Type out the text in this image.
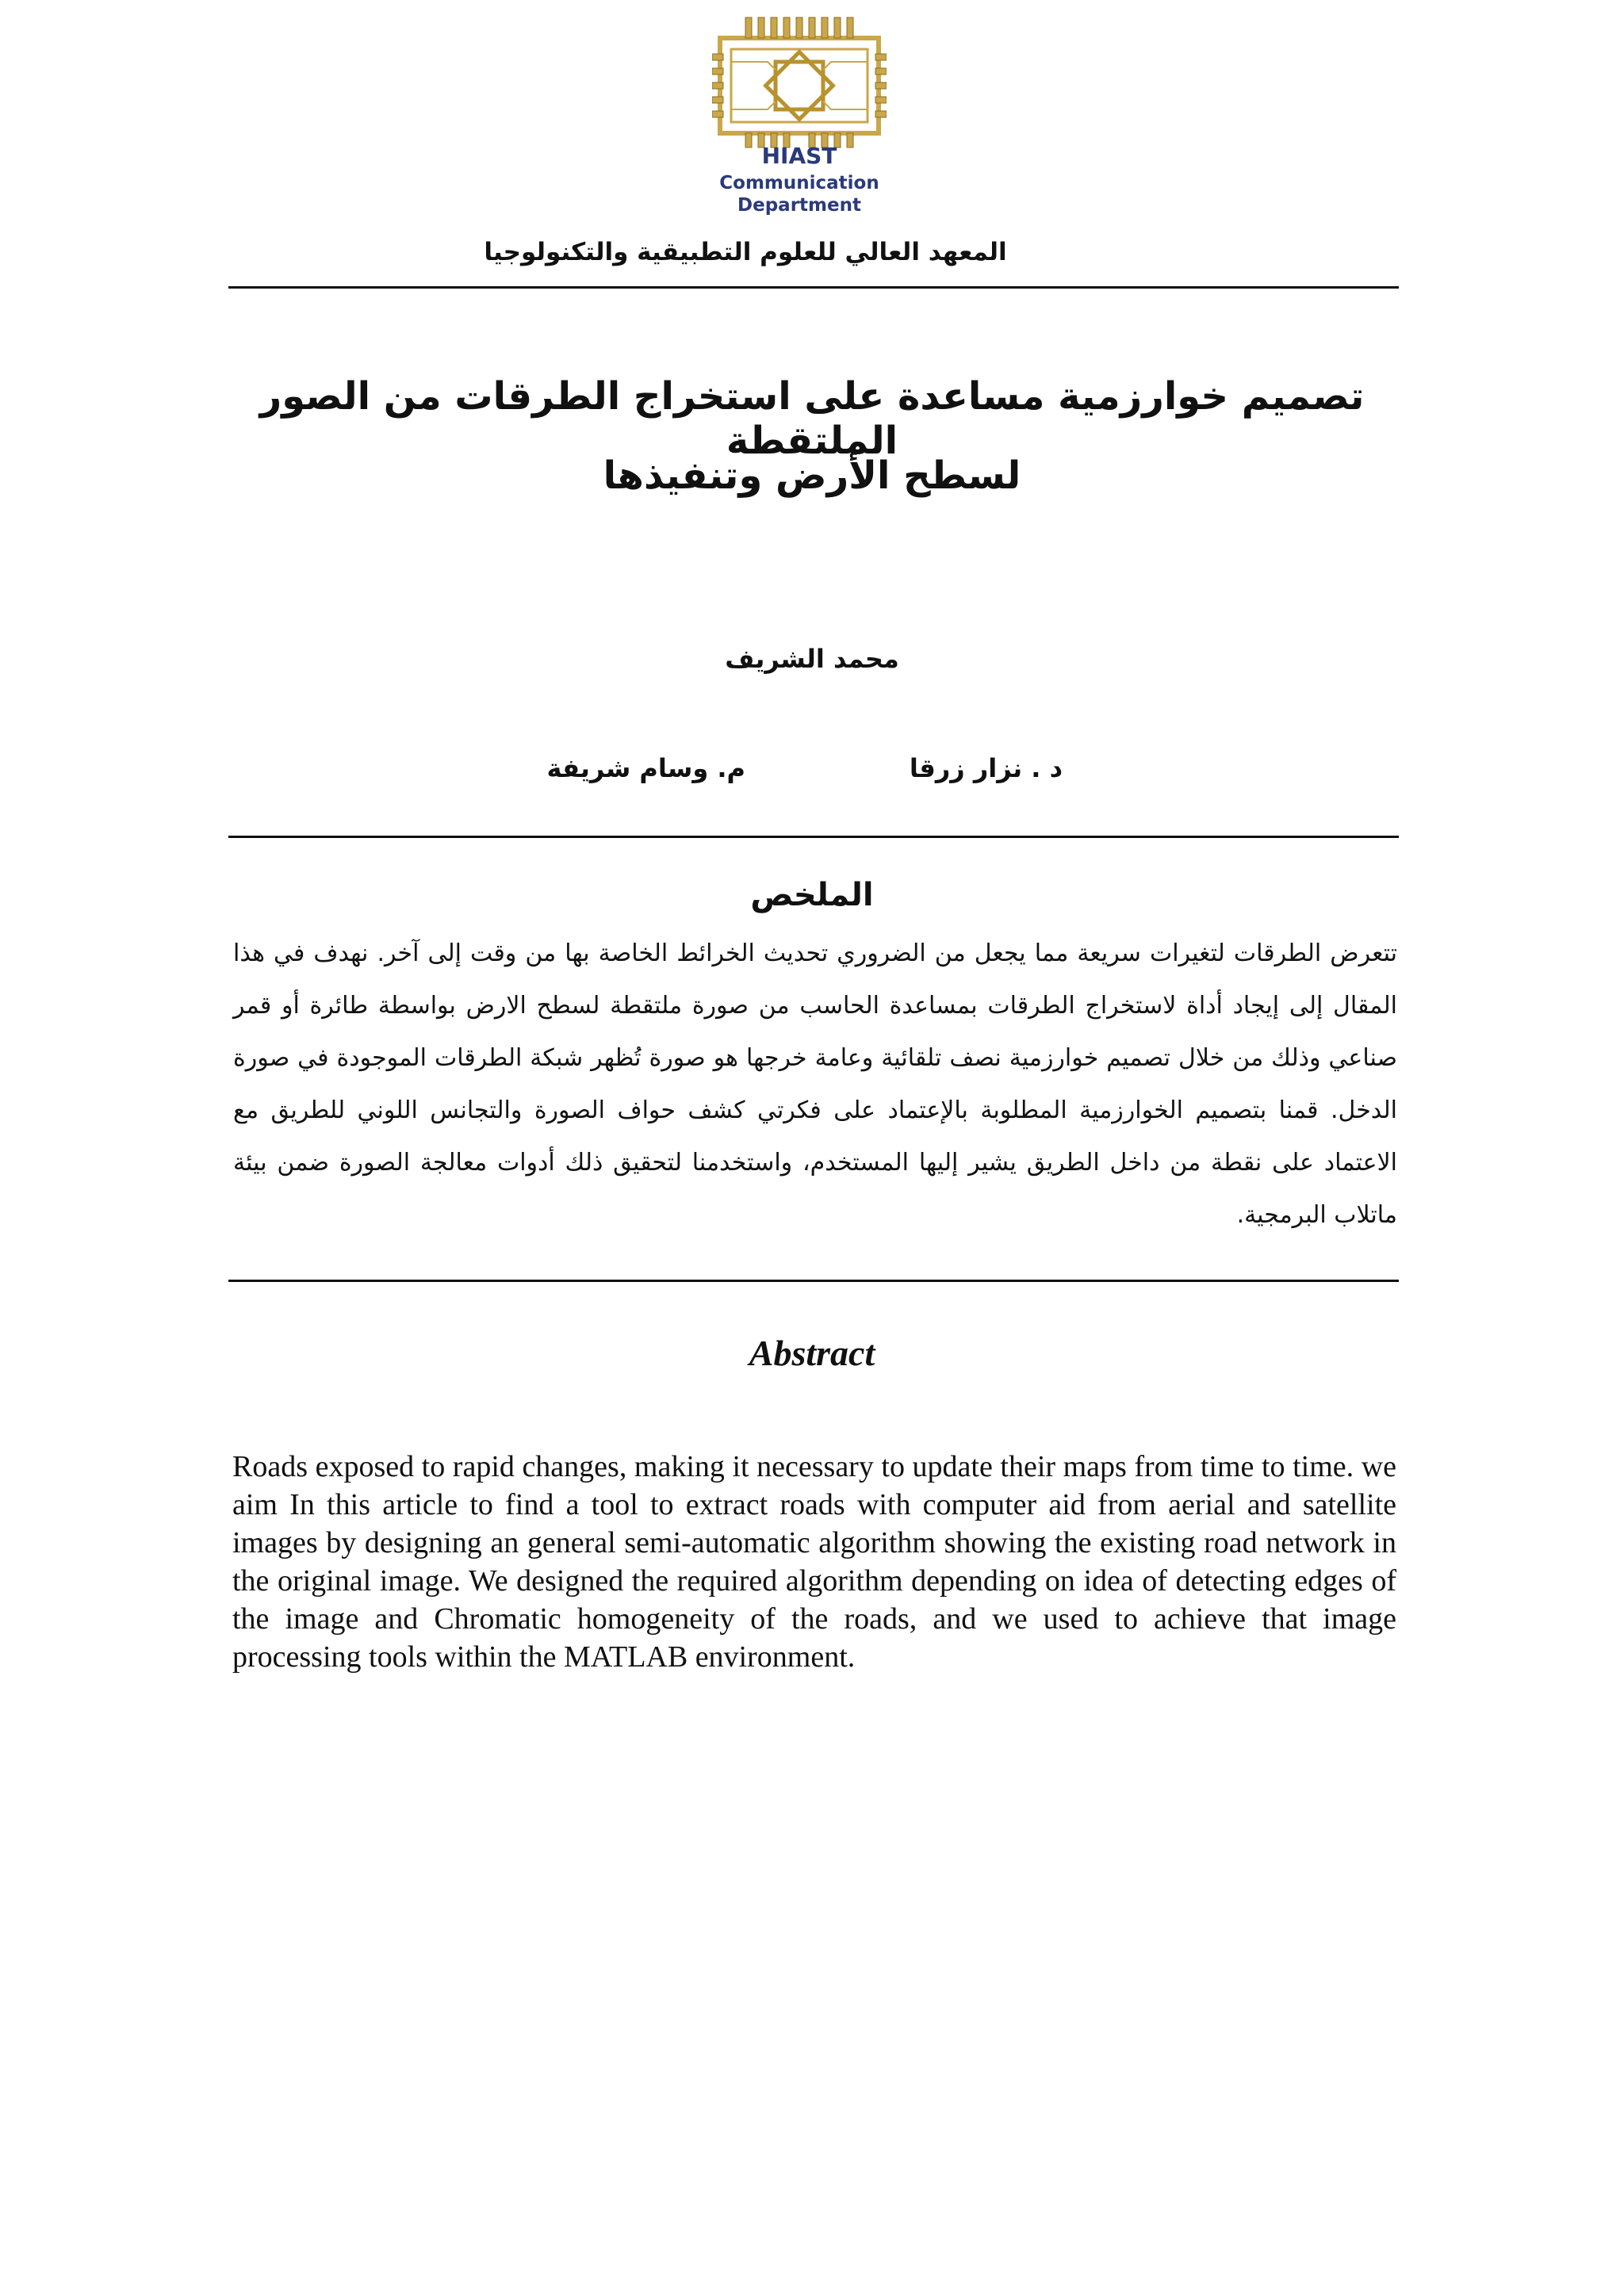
HIAST
Communication
Department
المعهد العالي للعلوم التطبيقية والتكنولوجيا
تصميم خوارزمية مساعدة على استخراج الطرقات من الصور الملتقطة
لسطح الأرض وتنفيذها
محمد الشريف
د . نزار زرقا
م. وسام شريفة
الملخص
تتعرض الطرقات لتغيرات سريعة مما يجعل من الضروري تحديث الخرائط الخاصة بها من وقت إلى آخر. نهدف في هذا المقال إلى إيجاد أداة لاستخراج الطرقات بمساعدة الحاسب من صورة ملتقطة لسطح الارض بواسطة طائرة أو قمر صناعي وذلك من خلال تصميم خوارزمية نصف تلقائية وعامة خرجها هو صورة تُظهر شبكة الطرقات الموجودة في صورة الدخل. قمنا بتصميم الخوارزمية المطلوبة بالإعتماد على فكرتي كشف حواف الصورة والتجانس اللوني للطريق مع الاعتماد على نقطة من داخل الطريق يشير إليها المستخدم، واستخدمنا لتحقيق ذلك أدوات معالجة الصورة ضمن بيئة ماتلاب البرمجية.
Abstract
Roads exposed to rapid changes, making it necessary to update their maps from time to time. we aim In this article to find a tool to extract roads with computer aid from aerial and satellite images by designing an general semi-automatic algorithm showing the existing road network in the original image. We designed the required algorithm depending on idea of detecting edges of the image and Chromatic homogeneity of the roads, and we used to achieve that image processing tools within the MATLAB environment.
